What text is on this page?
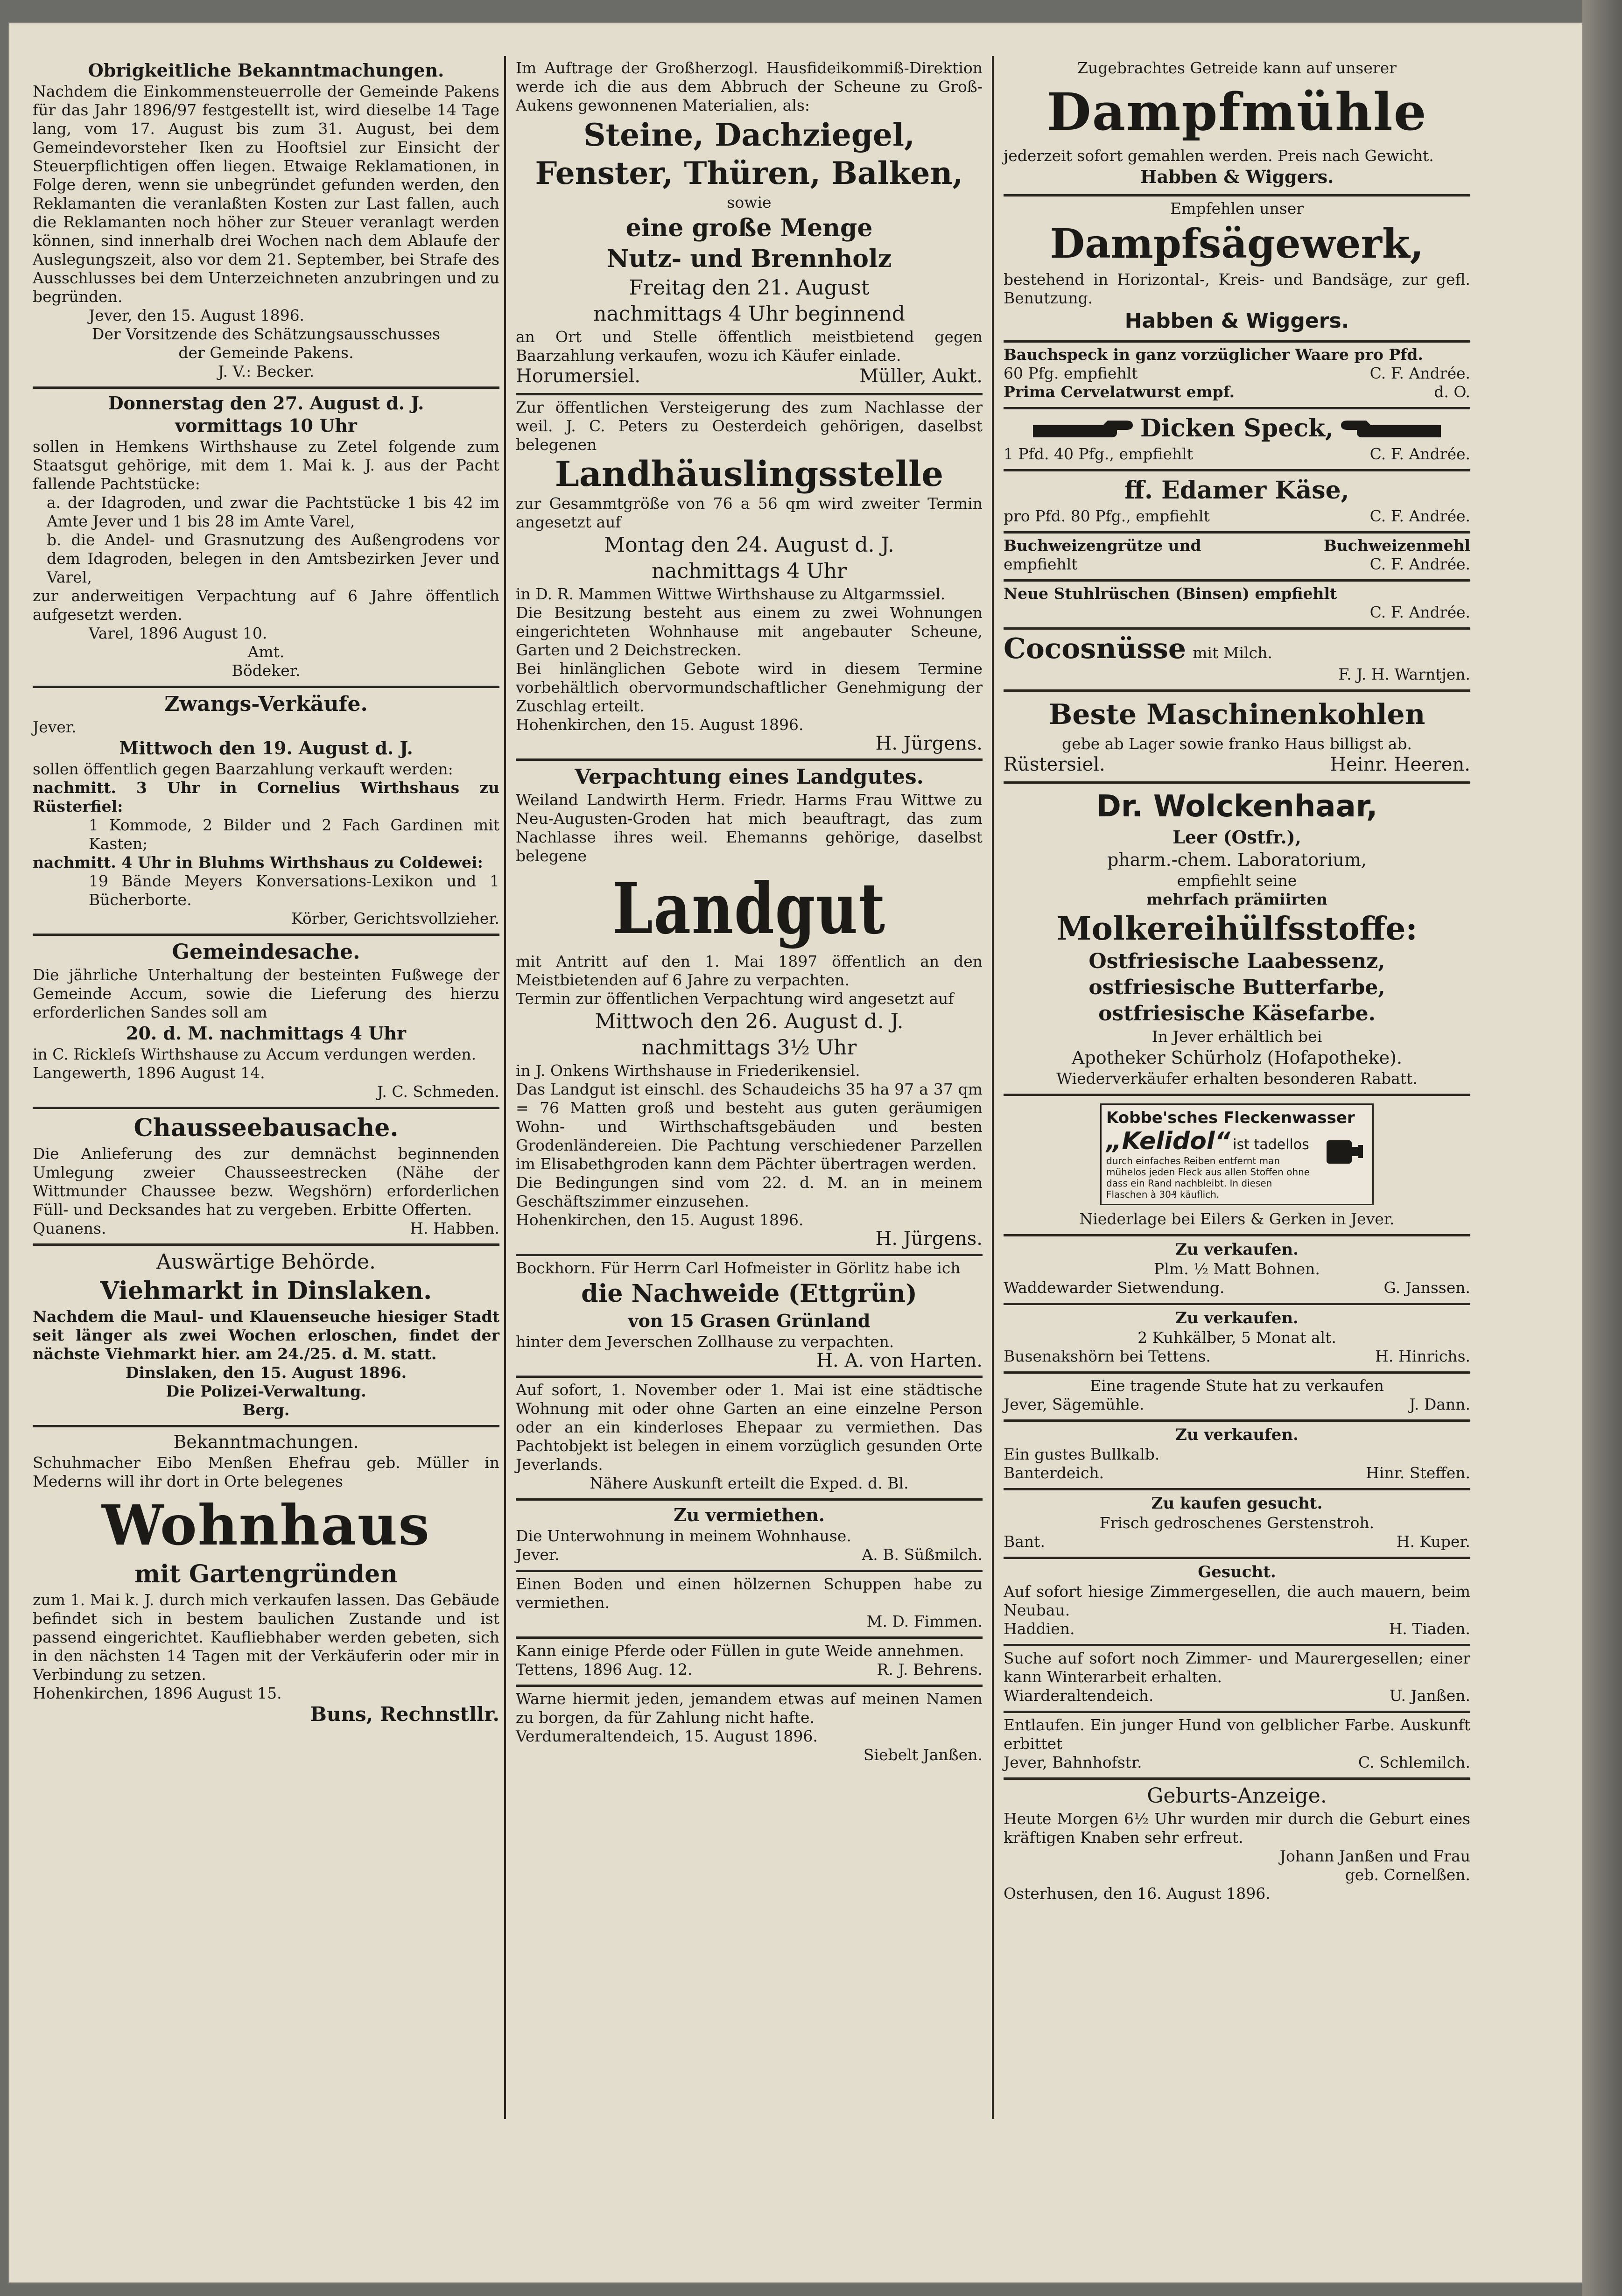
Obrigkeitliche Bekanntmachungen.

Nachdem die Einkommensteuerrolle der Gemeinde Pakens für das Jahr 1896/97 festgestellt ist, wird dieselbe 14 Tage lang, vom 17. August bis zum 31. August, bei dem Gemeindevorsteher Iken zu Hooftsiel zur Einsicht der Steuerpflichtigen offen liegen. Etwaige Reklamationen, in Folge deren, wenn sie unbegründet gefunden werden, den Reklamanten die veranlaßten Kosten zur Last fallen, auch die Reklamanten noch höher zur Steuer veranlagt werden können, sind innerhalb drei Wochen nach dem Ablaufe der Auslegungszeit, also vor dem 21. September, bei Strafe des Ausschlusses bei dem Unterzeichneten anzubringen und zu begründen.

Jever, den 15. August 1896.

Der Vorsitzende des Schätzungsausschusses

der Gemeinde Pakens.

J. V.: Becker.

Donnerstag den 27. August d. J.
vormittags 10 Uhr

sollen in Hemkens Wirthshause zu Zetel folgende zum Staatsgut gehörige, mit dem 1. Mai k. J. aus der Pacht fallende Pachtstücke:

a. der Idagroden, und zwar die Pachtstücke 1 bis 42 im Amte Jever und 1 bis 28 im Amte Varel,

b. die Andel- und Grasnutzung des Außengrodens vor dem Idagroden, belegen in den Amtsbezirken Jever und Varel,

zur anderweitigen Verpachtung auf 6 Jahre öffentlich aufgesetzt werden.

Varel, 1896 August 10.

Amt.

Bödeker.

Zwangs-Verkäufe.

Jever.

Mittwoch den 19. August d. J.

sollen öffentlich gegen Baarzahlung verkauft werden:

nachmitt. 3 Uhr in Cornelius Wirthshaus zu Rüsterfiel:

1 Kommode, 2 Bilder und 2 Fach Gardinen mit Kasten;

nachmitt. 4 Uhr in Bluhms Wirthshaus zu Coldewei:

19 Bände Meyers Konversations-Lexikon und 1 Bücherborte.

Körber, Gerichtsvollzieher.

Gemeindesache.

Die jährliche Unterhaltung der besteinten Fußwege der Gemeinde Accum, sowie die Lieferung des hierzu erforderlichen Sandes soll am

20. d. M. nachmittags 4 Uhr

in C. Rickleſs Wirthshause zu Accum verdungen werden.

Langewerth, 1896 August 14.

J. C. Schmeden.

Chausseebausache.

Die Anlieferung des zur demnächst beginnenden Umlegung zweier Chausseestrecken (Nähe der Wittmunder Chaussee bezw. Wegshörn) erforderlichen Füll- und Decksandes hat zu vergeben. Erbitte Offerten.

Quanens.	H. Habben.
Auswärtige Behörde.
Viehmarkt in Dinslaken.

Nachdem die Maul- und Klauenseuche hiesiger Stadt seit länger als zwei Wochen erloschen, findet der nächste Viehmarkt hier. am 24./25. d. M. statt.

Dinslaken, den 15. August 1896.

Die Polizei-Verwaltung.

Berg.

Bekanntmachungen.

Schuhmacher Eibo Menßen Ehefrau geb. Müller in Mederns will ihr dort in Orte belegenes

Wohnhaus
mit Gartengründen

zum 1. Mai k. J. durch mich verkaufen lassen. Das Gebäude befindet sich in bestem baulichen Zustande und ist passend eingerichtet. Kaufliebhaber werden gebeten, sich in den nächsten 14 Tagen mit der Verkäuferin oder mir in Verbindung zu setzen.

Hohenkirchen, 1896 August 15.

Buns, Rechnstllr.

Im Auftrage der Großherzogl. Hausfideikommiß-Direktion werde ich die aus dem Abbruch der Scheune zu Groß-Aukens gewonnenen Materialien, als:

Steine, Dachziegel,
Fenster, Thüren, Balken,

sowie

eine große Menge
Nutz- und Brennholz
Freitag den 21. August
nachmittags 4 Uhr beginnend

an Ort und Stelle öffentlich meistbietend gegen Baarzahlung verkaufen, wozu ich Käufer einlade.

Horumersiel.	Müller, Aukt.

Zur öffentlichen Versteigerung des zum Nachlasse der weil. J. C. Peters zu Oesterdeich gehörigen, daselbst belegenen

Landhäuslingsstelle

zur Gesammtgröße von 76 a 56 qm wird zweiter Termin angesetzt auf

Montag den 24. August d. J.
nachmittags 4 Uhr

in D. R. Mammen Wittwe Wirthshause zu Altgarmssiel.

Die Besitzung besteht aus einem zu zwei Wohnungen eingerichteten Wohnhause mit angebauter Scheune, Garten und 2 Deichstrecken.

Bei hinlänglichen Gebote wird in diesem Termine vorbehältlich obervormundschaftlicher Genehmigung der Zuschlag erteilt.

Hohenkirchen, den 15. August 1896.

H. Jürgens.

Verpachtung eines Landgutes.

Weiland Landwirth Herm. Friedr. Harms Frau Wittwe zu Neu-Augusten-Groden hat mich beauftragt, das zum Nachlasse ihres weil. Ehemanns gehörige, daselbst belegene

Landgut

mit Antritt auf den 1. Mai 1897 öffentlich an den Meistbietenden auf 6 Jahre zu verpachten.

Termin zur öffentlichen Verpachtung wird angesetzt auf

Mittwoch den 26. August d. J.
nachmittags 3½ Uhr

in J. Onkens Wirthshause in Friederikensiel.

Das Landgut ist einschl. des Schaudeichs 35 ha 97 a 37 qm = 76 Matten groß und besteht aus guten geräumigen Wohn- und Wirthschaftsgebäuden und besten Grodenländereien. Die Pachtung verschiedener Parzellen im Elisabethgroden kann dem Pächter übertragen werden.

Die Bedingungen sind vom 22. d. M. an in meinem Geschäftszimmer einzusehen.

Hohenkirchen, den 15. August 1896.

H. Jürgens.

Bockhorn. Für Herrn Carl Hofmeister in Görlitz habe ich

die Nachweide (Ettgrün)
von 15 Grasen Grünland

hinter dem Jeverschen Zollhause zu verpachten.

H. A. von Harten.

Auf sofort, 1. November oder 1. Mai ist eine städtische Wohnung mit oder ohne Garten an eine einzelne Person oder an ein kinderloses Ehepaar zu vermiethen. Das Pachtobjekt ist belegen in einem vorzüglich gesunden Orte Jeverlands.

Nähere Auskunft erteilt die Exped. d. Bl.

Zu vermiethen.

Die Unterwohnung in meinem Wohnhause.

Jever.	A. B. Süßmilch.

Einen Boden und einen hölzernen Schuppen habe zu vermiethen.

M. D. Fimmen.

Kann einige Pferde oder Füllen in gute Weide annehmen.

Tettens, 1896 Aug. 12.	R. J. Behrens.

Warne hiermit jeden, jemandem etwas auf meinen Namen zu borgen, da für Zahlung nicht hafte.

Verdumeraltendeich, 15. August 1896.

Siebelt Janßen.

Zugebrachtes Getreide kann auf unserer

Dampfmühle

jederzeit sofort gemahlen werden. Preis nach Gewicht.

Habben & Wiggers.

Empfehlen unser

Dampfsägewerk,

bestehend in Horizontal-, Kreis- und Bandsäge, zur gefl. Benutzung.

Habben & Wiggers.

Bauchspeck in ganz vorzüglicher Waare pro Pfd.

60 Pfg. empfiehlt	C. F. Andrée.
Prima Cervelatwurst empf.	d. O.
Dicken Speck,
1 Pfd. 40 Pfg., empfiehlt	C. F. Andrée.
ff. Edamer Käse,
pro Pfd. 80 Pfg., empfiehlt	C. F. Andrée.
Buchweizengrütze und	Buchweizenmehl
empfiehlt	C. F. Andrée.

Neue Stuhlrüschen (Binsen) empfiehlt

C. F. Andrée.

Cocosnüsse mit Milch.

F. J. H. Warntjen.

Beste Maschinenkohlen

gebe ab Lager sowie franko Haus billigst ab.

Rüstersiel.	Heinr. Heeren.
Dr. Wolckenhaar,
Leer (Ostfr.),
pharm.-chem. Laboratorium,

empfiehlt seine

mehrfach prämiirten

Molkereihülfsstoffe:
Ostfriesische Laabessenz,
ostfriesische Butterfarbe,
ostfriesische Käsefarbe.

In Jever erhältlich bei

Apotheker Schürholz (Hofapotheke).

Wiederverkäufer erhalten besonderen Rabatt.

Kobbe'sches Fleckenwasser
„Kelidol“ ist tadellos
durch einfaches Reiben entfernt man mühelos jeden Fleck aus allen Stoffen ohne dass ein Rand nachbleibt. In diesen Flaschen à 30₰ käuflich.

Niederlage bei Eilers & Gerken in Jever.

Zu verkaufen.

Plm. ½ Matt Bohnen.

Waddewarder Sietwendung.	G. Janssen.
Zu verkaufen.

2 Kuhkälber, 5 Monat alt.

Busenakshörn bei Tettens.	H. Hinrichs.

Eine tragende Stute hat zu verkaufen

Jever, Sägemühle.	J. Dann.
Zu verkaufen.

Ein gustes Bullkalb.

Banterdeich.	Hinr. Steffen.
Zu kaufen gesucht.

Frisch gedroschenes Gerstenstroh.

Bant.	H. Kuper.
Gesucht.

Auf sofort hiesige Zimmergesellen, die auch mauern, beim Neubau.

Haddien.	H. Tiaden.

Suche auf sofort noch Zimmer- und Maurergesellen; einer kann Winterarbeit erhalten.

Wiarderaltendeich.	U. Janßen.

Entlaufen. Ein junger Hund von gelblicher Farbe. Auskunft erbittet

Jever, Bahnhofstr.	C. Schlemilch.
Geburts-Anzeige.

Heute Morgen 6½ Uhr wurden mir durch die Geburt eines kräftigen Knaben sehr erfreut.

Johann Janßen und Frau

geb. Cornelßen.

Osterhusen, den 16. August 1896.
